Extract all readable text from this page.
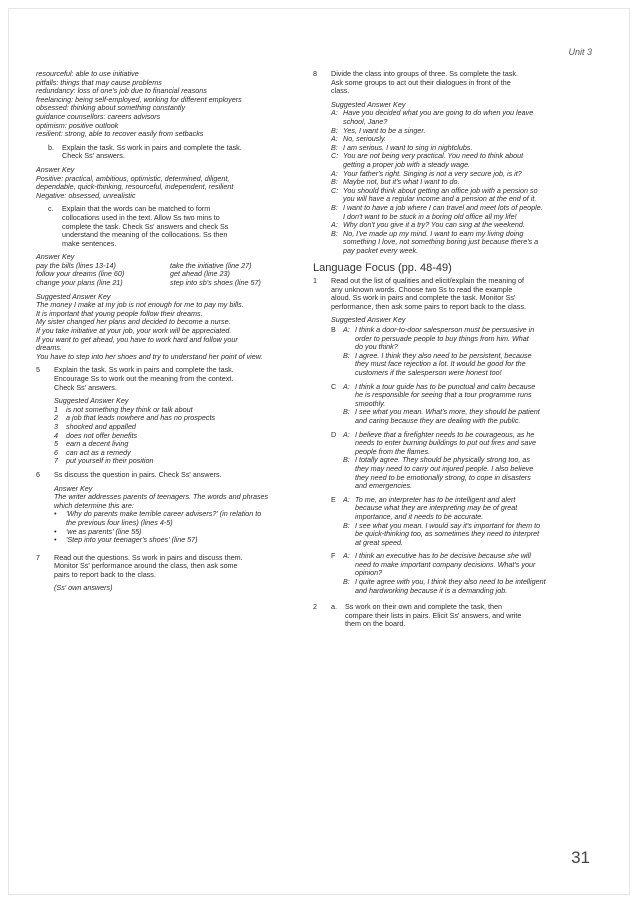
Unit 3
resourceful: able to use initiative
pitfalls: things that may cause problems
redundancy: loss of one's job due to financial reasons
freelancing: being self-employed, working for different employers
obsessed: thinking about something constantly
guidance counsellors: careers advisors
optimism: positive outlook
resilient: strong, able to recover easily from setbacks
b. Explain the task. Ss work in pairs and complete the task.
Check Ss' answers.
Answer Key
Positive: practical, ambitious, optimistic, determined, diligent,
dependable, quick-thinking, resourceful, independent, resilient
Negative: obsessed, unrealistic
c. Explain that the words can be matched to form
collocations used in the text. Allow Ss two mins to
complete the task. Check Ss' answers and check Ss
understand the meaning of the collocations. Ss then
make sentences.
Answer Key
pay the bills (lines 13-14)	take the initiative (line 27)
follow your dreams (line 60)	get ahead (line 23)
change your plans (line 21)	step into sb's shoes (line 57)
Suggested Answer Key
The money I make at my job is not enough for me to pay my bills.
It is important that young people follow their dreams.
My sister changed her plans and decided to become a nurse.
If you take initiative at your job, your work will be appreciated.
If you want to get ahead, you have to work hard and follow your
dreams.
You have to step into her shoes and try to understand her point of view.
5 Explain the task. Ss work in pairs and complete the task.
Encourage Ss to work out the meaning from the context.
Check Ss' answers.
Suggested Answer Key
1	is not something they think or talk about
2	a job that leads nowhere and has no prospects
3	shocked and appalled
4	does not offer benefits
5	earn a decent living
6	can act as a remedy
7	put yourself in their position
6 Ss discuss the question in pairs. Check Ss' answers.
Answer Key
The writer addresses parents of teenagers. The words and phrases
which determine this are:
•	'Why do parents make terrible career advisers?' (in relation to
the previous four lines) (lines 4-5)
•	'we as parents' (line 55)
•	'Step into your teenager's shoes' (line 57)
7 Read out the questions. Ss work in pairs and discuss them.
Monitor Ss' performance around the class, then ask some
pairs to report back to the class.
(Ss' own answers)
8 Divide the class into groups of three. Ss complete the task.
Ask some groups to act out their dialogues in front of the
class.
Suggested Answer Key
A: Have you decided what you are going to do when you leave
school, Jane?
B: Yes, I want to be a singer.
A: No, seriously.
B: I am serious. I want to sing in nightclubs.
C: You are not being very practical. You need to think about
getting a proper job with a steady wage.
A: Your father's right. Singing is not a very secure job, is it?
B: Maybe not, but it's what I want to do.
C: You should think about getting an office job with a pension so
you will have a regular income and a pension at the end of it.
B: I want to have a job where I can travel and meet lots of people.
I don't want to be stuck in a boring old office all my life!
A: Why don't you give it a try? You can sing at the weekend.
B: No, I've made up my mind. I want to earn my living doing
something I love, not something boring just because there's a
pay packet every week.
Language Focus (pp. 48-49)
1 Read out the list of qualities and elicit/explain the meaning of
any unknown words. Choose two Ss to read the example
aloud. Ss work in pairs and complete the task. Monitor Ss'
performance, then ask some pairs to report back to the class.
Suggested Answer Key
B	A: I think a door-to-door salesperson must be persuasive in
order to persuade people to buy things from him. What
do you think?
B: I agree. I think they also need to be persistent, because
they must face rejection a lot. It would be good for the
customers if the salesperson were honest too!
C A: I think a tour guide has to be punctual and calm because
he is responsible for seeing that a tour programme runs
smoothly.
B: I see what you mean. What's more, they should be patient
and caring because they are dealing with the public.
D A: I believe that a firefighter needs to be courageous, as he
needs to enter burning buildings to put out fires and save
people from the flames.
B: I totally agree. They should be physically strong too, as
they may need to carry out injured people. I also believe
they need to be emotionally strong, to cope in disasters
and emergencies.
E	A: To me, an interpreter has to be intelligent and alert
because what they are interpreting may be of great
importance, and it needs to be accurate.
B: I see what you mean. I would say it's important for them to
be quick-thinking too, as sometimes they need to interpret
at great speed.
F	A: I think an executive has to be decisive because she will
need to make important company decisions. What's your
opinion?
B: I quite agree with you, I think they also need to be intelligent
and hardworking because it is a demanding job.
2 a. Ss work on their own and complete the task, then
compare their lists in pairs. Elicit Ss' answers, and write
them on the board.
31
